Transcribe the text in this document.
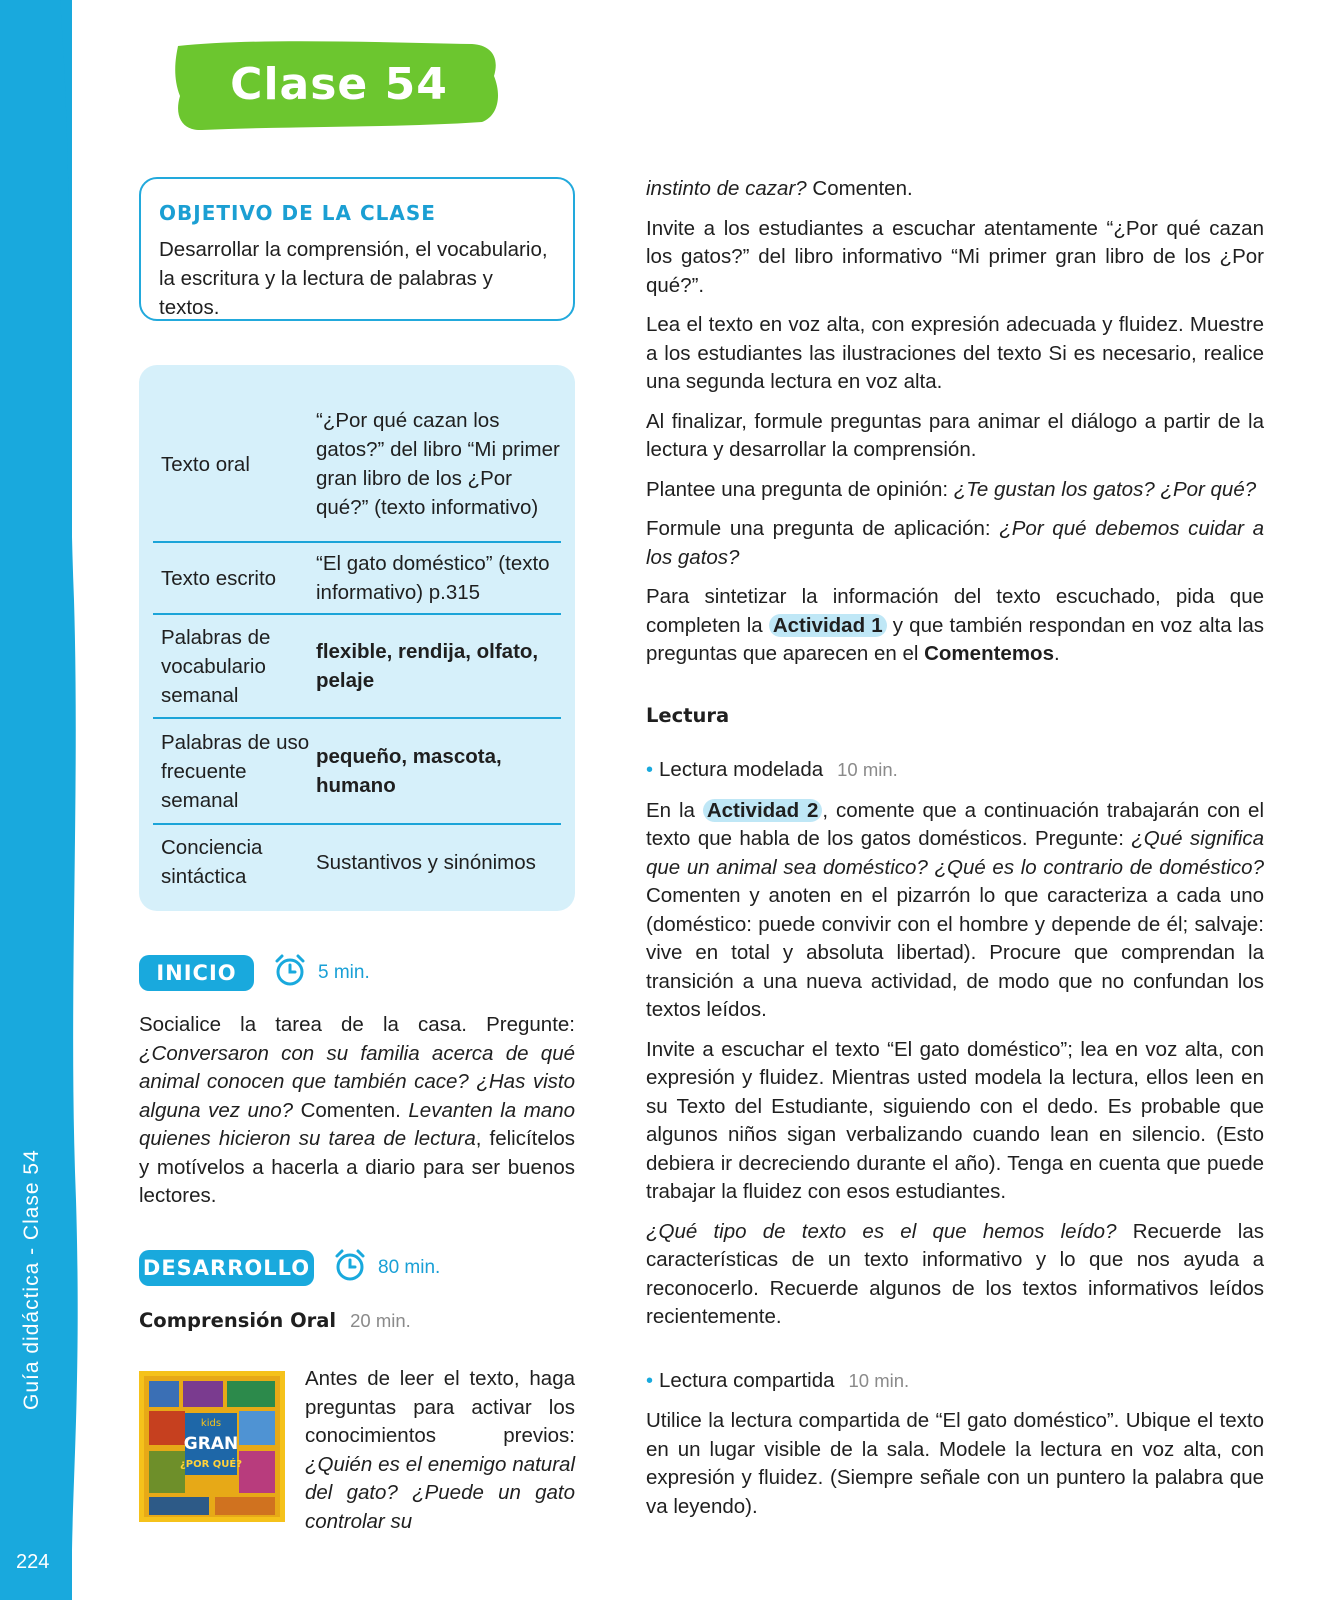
Guía didáctica - Clase 54
224
Clase 54
OBJETIVO DE LA CLASE

Desarrollar la comprensión, el vocabulario, la escritura y la lectura de palabras y textos.

Texto oral
“¿Por qué cazan los gatos?” del libro “Mi primer gran libro de los ¿Por qué?” (texto informativo)
Texto escrito
“El gato doméstico” (texto informativo) p.315
Palabras de vocabulario semanal
flexible, rendija, olfato, pelaje
Palabras de uso frecuente semanal
pequeño, mascota, humano
Conciencia sintáctica
Sustantivos y sinónimos
INICIO	5 min.

Socialice la tarea de la casa. Pregunte: ¿Conversaron con su familia acerca de qué animal conocen que también cace? ¿Has visto alguna vez uno? Comenten. Levanten la mano quienes hicieron su tarea de lectura, felicítelos y motívelos a hacerla a diario para ser buenos lectores.

DESARROLLO	80 min.
Comprensión Oral 20 min.
kids
GRAN
¿POR QUÉ?

Antes de leer el texto, haga preguntas para activar los conocimientos previos: ¿Quién es el enemigo natural del gato? ¿Puede un gato controlar su

instinto de cazar? Comenten.

Invite a los estudiantes a escuchar atentamente “¿Por qué cazan los gatos?” del libro informativo “Mi primer gran libro de los ¿Por qué?”.

Lea el texto en voz alta, con expresión adecuada y fluidez. Muestre a los estudiantes las ilustraciones del texto Si es necesario, realice una segunda lectura en voz alta.

Al finalizar, formule preguntas para animar el diálogo a partir de la lectura y desarrollar la comprensión.

Plantee una pregunta de opinión: ¿Te gustan los gatos? ¿Por qué?

Formule una pregunta de aplicación: ¿Por qué debemos cuidar a los gatos?

Para sintetizar la información del texto escuchado, pida que completen la Actividad 1 y que también respondan en voz alta las preguntas que aparecen en el Comentemos.

Lectura
• Lectura modelada 10 min.

En la Actividad 2 , comente que a continuación trabajarán con el texto que habla de los gatos domésticos. Pregunte: ¿Qué significa que un animal sea doméstico? ¿Qué es lo contrario de doméstico? Comenten y anoten en el pizarrón lo que caracteriza a cada uno (doméstico: puede convivir con el hombre y depende de él; salvaje: vive en total y absoluta libertad). Procure que comprendan la transición a una nueva actividad, de modo que no confundan los textos leídos.

Invite a escuchar el texto “El gato doméstico”; lea en voz alta, con expresión y fluidez. Mientras usted modela la lectura, ellos leen en su Texto del Estudiante, siguiendo con el dedo. Es probable que algunos niños sigan verbalizando cuando lean en silencio. (Esto debiera ir decreciendo durante el año). Tenga en cuenta que puede trabajar la fluidez con esos estudiantes.

¿Qué tipo de texto es el que hemos leído? Recuerde las características de un texto informativo y lo que nos ayuda a reconocerlo. Recuerde algunos de los textos informativos leídos recientemente.

• Lectura compartida 10 min.

Utilice la lectura compartida de “El gato doméstico”. Ubique el texto en un lugar visible de la sala. Modele la lectura en voz alta, con expresión y fluidez. (Siempre señale con un puntero la palabra que va leyendo).
